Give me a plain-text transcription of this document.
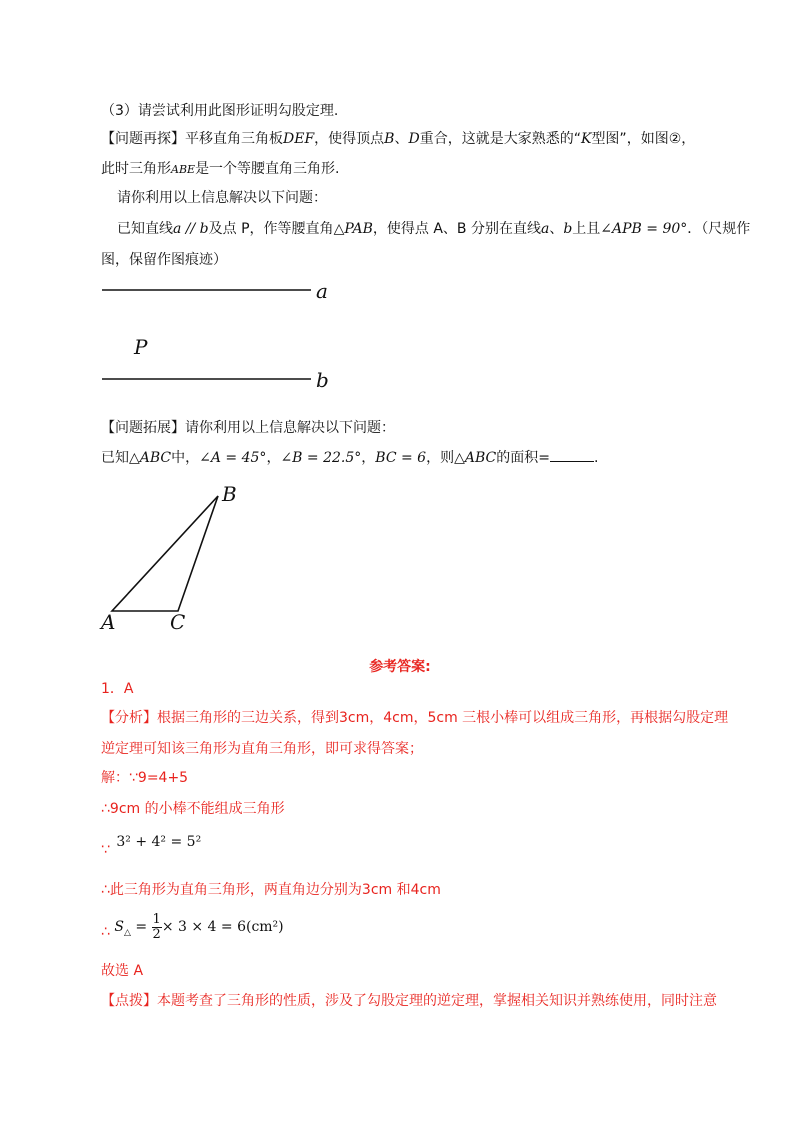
（3）请尝试利用此图形证明勾股定理.
【问题再探】平移直角三角板DEF，使得顶点B、D重合，这就是大家熟悉的“K型图”，如图②，
此时三角形ABE是一个等腰直角三角形.
请你利用以上信息解决以下问题：
已知直线a // b及点 P，作等腰直角△PAB，使得点 A、B 分别在直线a、b上且∠APB = 90°．（尺规作
图，保留作图痕迹）
a
P
b
【问题拓展】请你利用以上信息解决以下问题：
已知△ABC中，∠A = 45°，∠B = 22.5°，BC = 6，则△ABC的面积=	.
B
A	C
参考答案:
1．A
【分析】根据三角形的三边关系，得到3cm，4cm，5cm 三根小棒可以组成三角形，再根据勾股定理
逆定理可知该三角形为直角三角形，即可求得答案；
解：∵9=4+5
∴9cm 的小棒不能组成三角形
∵ 3² + 4² = 5²
∴此三角形为直角三角形，两直角边分别为3cm 和4cm
∴ $S_\triangle = \frac{1}{2} \times 3 \times 4 = 6(cm^2)$
故选 A
【点拨】本题考查了三角形的性质，涉及了勾股定理的逆定理，掌握相关知识并熟练使用，同时注意
